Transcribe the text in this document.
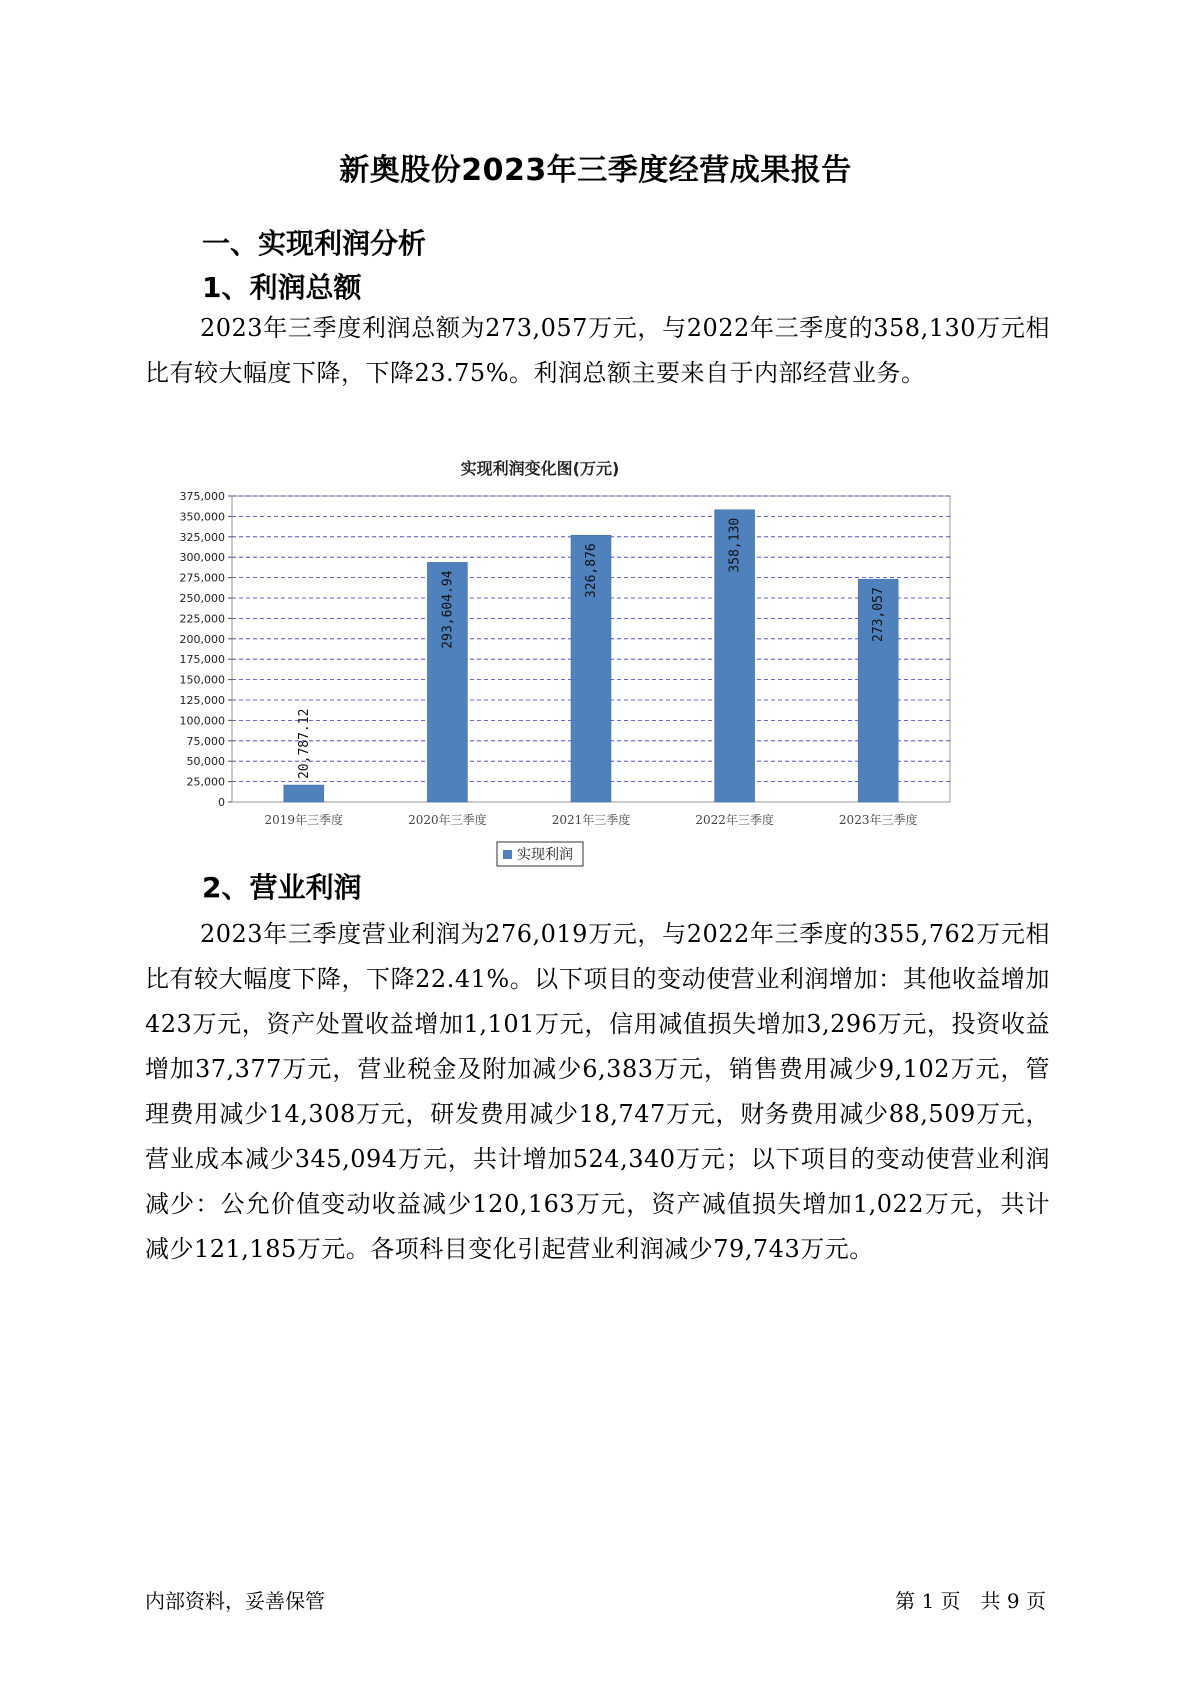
新奥股份2023年三季度经营成果报告
一、实现利润分析
1、利润总额
2023年三季度利润总额为273,057万元，与2022年三季度的358,130万元相比有较大幅度下降，下降23.75%。利润总额主要来自于内部经营业务。
实现利润变化图(万元)
0
25,000
50,000
75,000
100,000
125,000
150,000
175,000
200,000
225,000
250,000
275,000
300,000
325,000
350,000
375,000
20,787.12
2019年三季度
293,604.94
2020年三季度
326,876
2021年三季度
358,130
2022年三季度
273,057
2023年三季度
实现利润
2、营业利润
2023年三季度营业利润为276,019万元，与2022年三季度的355,762万元相比有较大幅度下降，下降22.41%。以下项目的变动使营业利润增加：其他收益增加423万元，资产处置收益增加1,101万元，信用减值损失增加3,296万元，投资收益增加37,377万元，营业税金及附加减少6,383万元，销售费用减少9,102万元，管理费用减少14,308万元，研发费用减少18,747万元，财务费用减少88,509万元，营业成本减少345,094万元，共计增加524,340万元；以下项目的变动使营业利润减少：公允价值变动收益减少120,163万元，资产减值损失增加1,022万元，共计减少121,185万元。各项科目变化引起营业利润减少79,743万元。
内部资料，妥善保管	第 1 页　共 9 页
